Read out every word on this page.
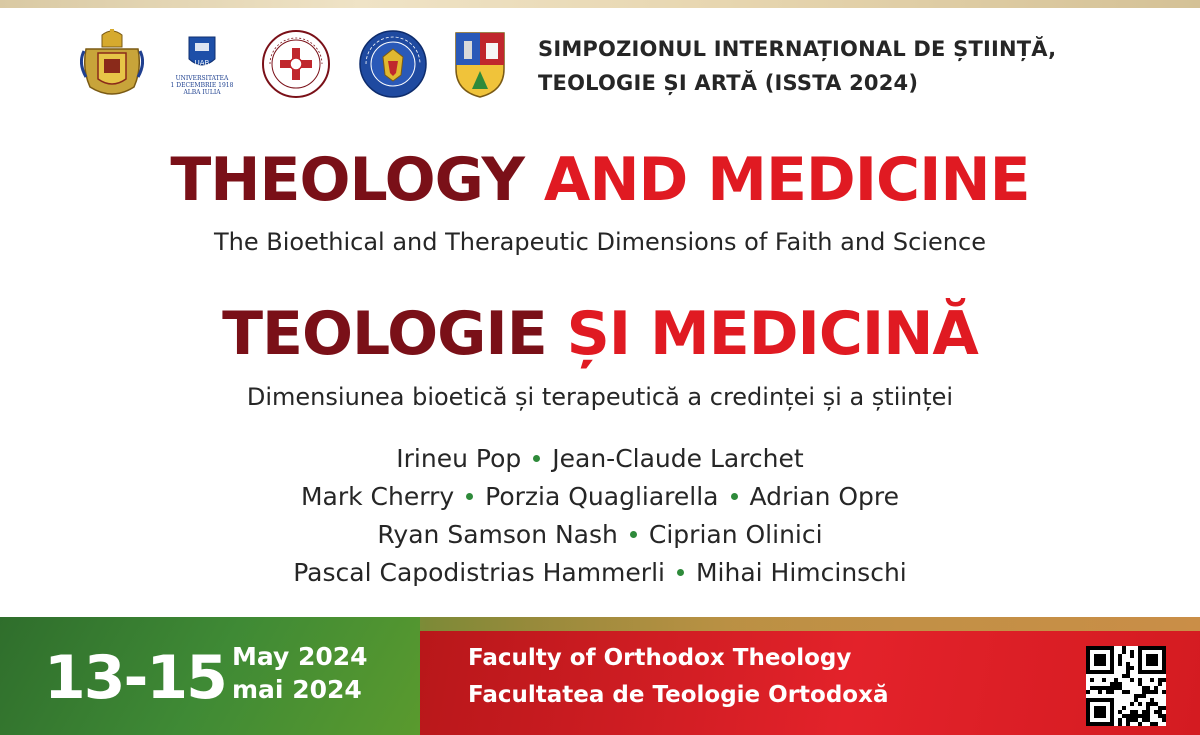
UAB
UNIVERSITATEA
1 DECEMBRIE 1918
ALBA IULIA
SIMPOZIONUL INTERNAȚIONAL DE ȘTIINȚĂ,
TEOLOGIE ȘI ARTĂ (ISSTA 2024)
THEOLOGY AND MEDICINE
The Bioethical and Therapeutic Dimensions of Faith and Science
TEOLOGIE ȘI MEDICINĂ
Dimensiunea bioetică și terapeutică a credinței și a științei
Irineu Pop Jean-Claude Larchet
Mark Cherry Porzia Quagliarella Adrian Opre
Ryan Samson Nash Ciprian Olinici
Pascal Capodistrias Hammerli Mihai Himcinschi
13-15 May 2024
mai 2024
Faculty of Orthodox Theology
Facultatea de Teologie Ortodoxă
